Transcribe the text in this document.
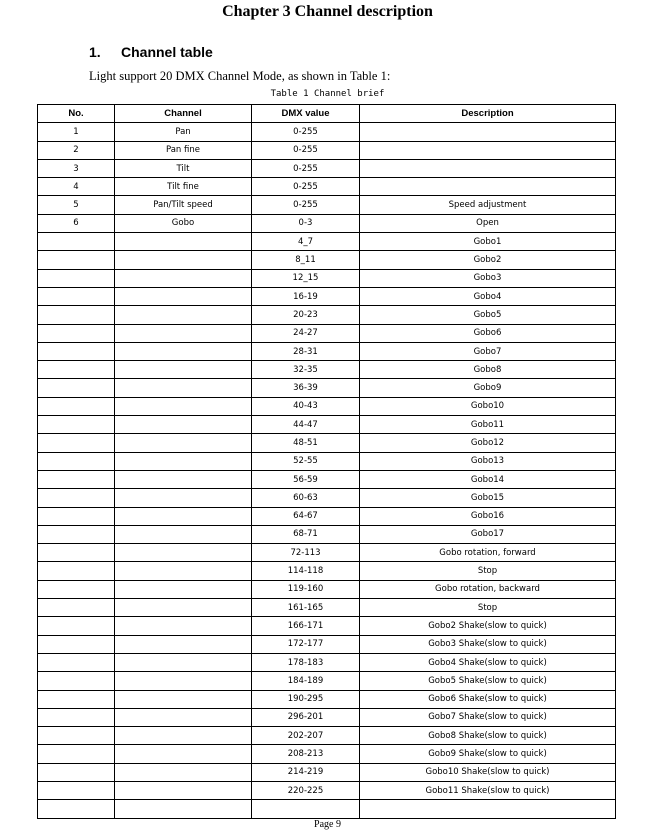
Chapter 3 Channel description
1. Channel table
Light support 20 DMX Channel Mode, as shown in Table 1:
Table 1 Channel brief
No.	Channel	DMX value	Description
1	Pan	0-255	
2	Pan fine	0-255	
3	Tilt	0-255	
4	Tilt fine	0-255	
5	Pan/Tilt speed	0-255	Speed adjustment
6	Gobo	0-3	Open
		4_7	Gobo1
		8_11	Gobo2
		12_15	Gobo3
		16-19	Gobo4
		20-23	Gobo5
		24-27	Gobo6
		28-31	Gobo7
		32-35	Gobo8
		36-39	Gobo9
		40-43	Gobo10
		44-47	Gobo11
		48-51	Gobo12
		52-55	Gobo13
		56-59	Gobo14
		60-63	Gobo15
		64-67	Gobo16
		68-71	Gobo17
		72-113	Gobo rotation, forward
		114-118	Stop
		119-160	Gobo rotation, backward
		161-165	Stop
		166-171	Gobo2 Shake(slow to quick)
		172-177	Gobo3 Shake(slow to quick)
		178-183	Gobo4 Shake(slow to quick)
		184-189	Gobo5 Shake(slow to quick)
		190-295	Gobo6 Shake(slow to quick)
		296-201	Gobo7 Shake(slow to quick)
		202-207	Gobo8 Shake(slow to quick)
		208-213	Gobo9 Shake(slow to quick)
		214-219	Gobo10 Shake(slow to quick)
		220-225	Gobo11 Shake(slow to quick)

Page 9
